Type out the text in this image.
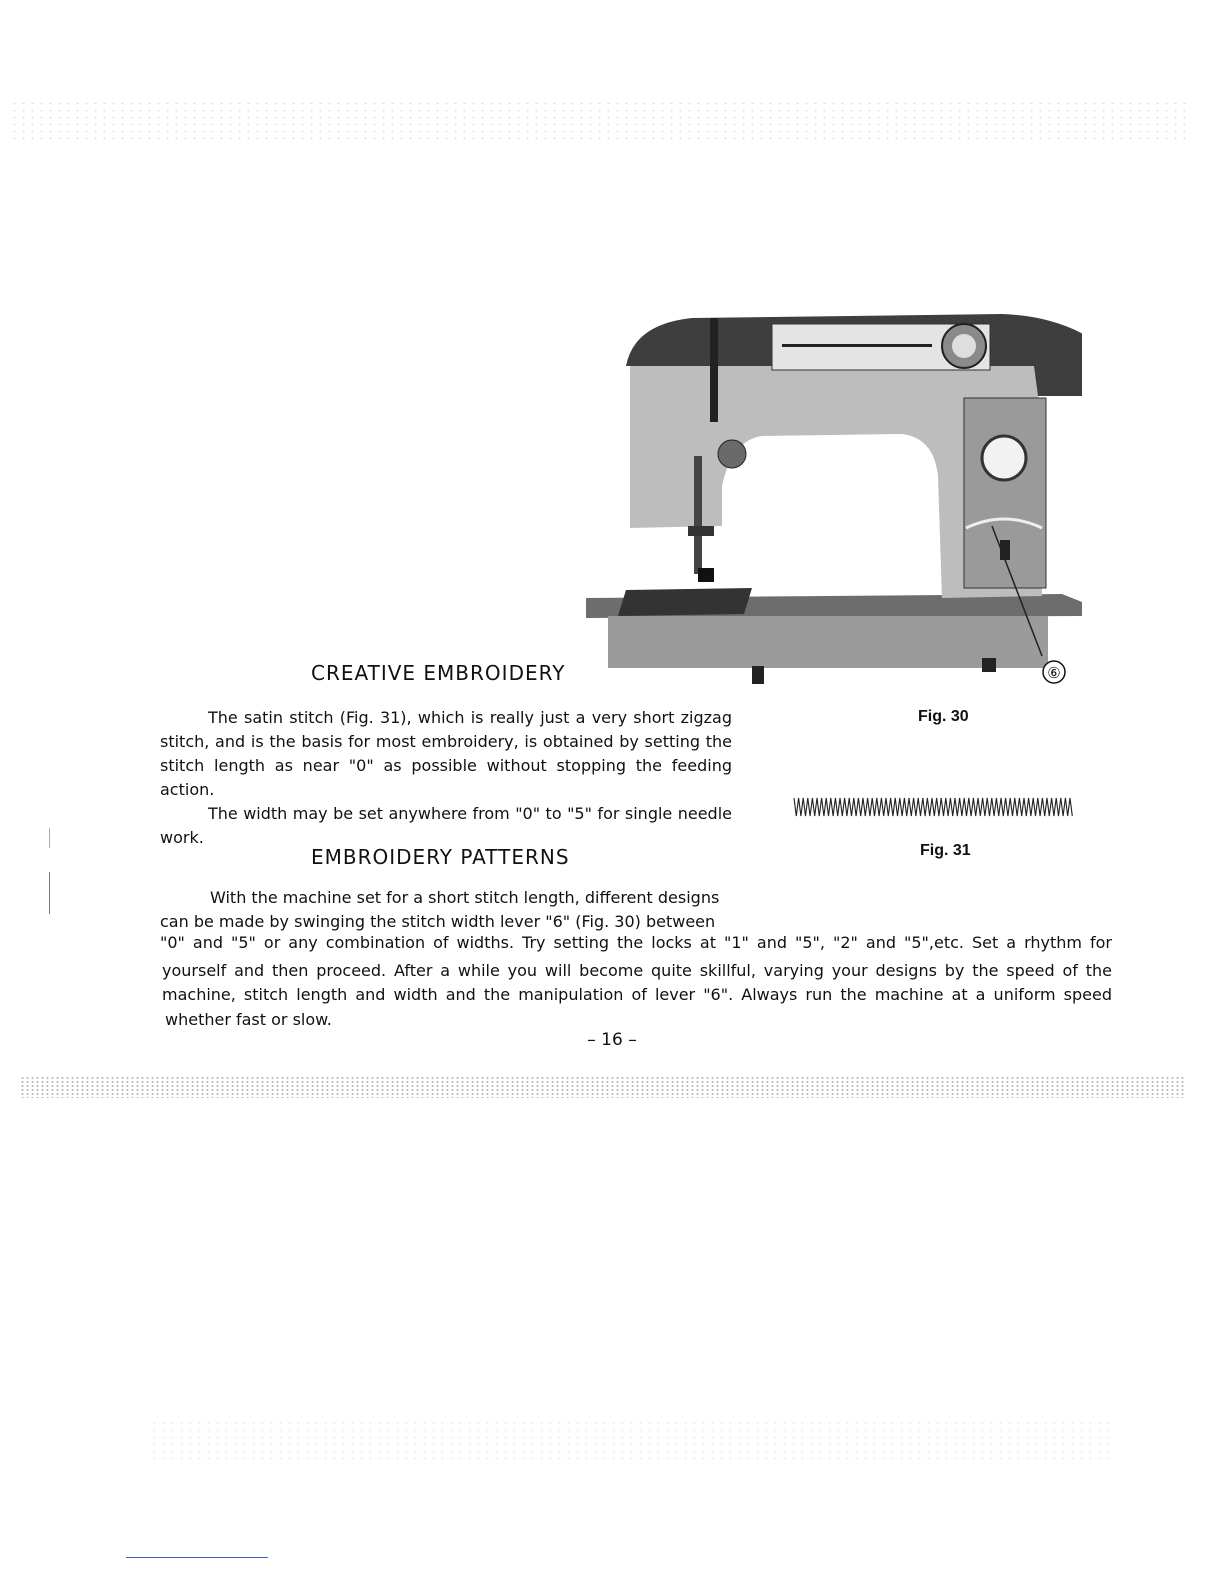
⑥
CREATIVE EMBROIDERY

The satin stitch (Fig. 31), which is really just a very short zigzag stitch, and is the basis for most embroidery, is obtained by setting the stitch length as near "0" as possible without stopping the feeding action.

The width may be set anywhere from "0" to "5" for single needle work.

Fig. 30
Fig. 31
EMBROIDERY PATTERNS
With the machine set for a short stitch length, different designs
can be made by swinging the stitch width lever "6" (Fig. 30) between
"0" and "5" or any combination of widths. Try setting the locks at "1" and "5", "2" and "5",etc. Set a rhythm for
yourself and then proceed. After a while you will become quite skillful, varying your designs by the speed of the
machine, stitch length and width and the manipulation of lever "6". Always run the machine at a uniform speed
whether fast or slow.
– 16 –
